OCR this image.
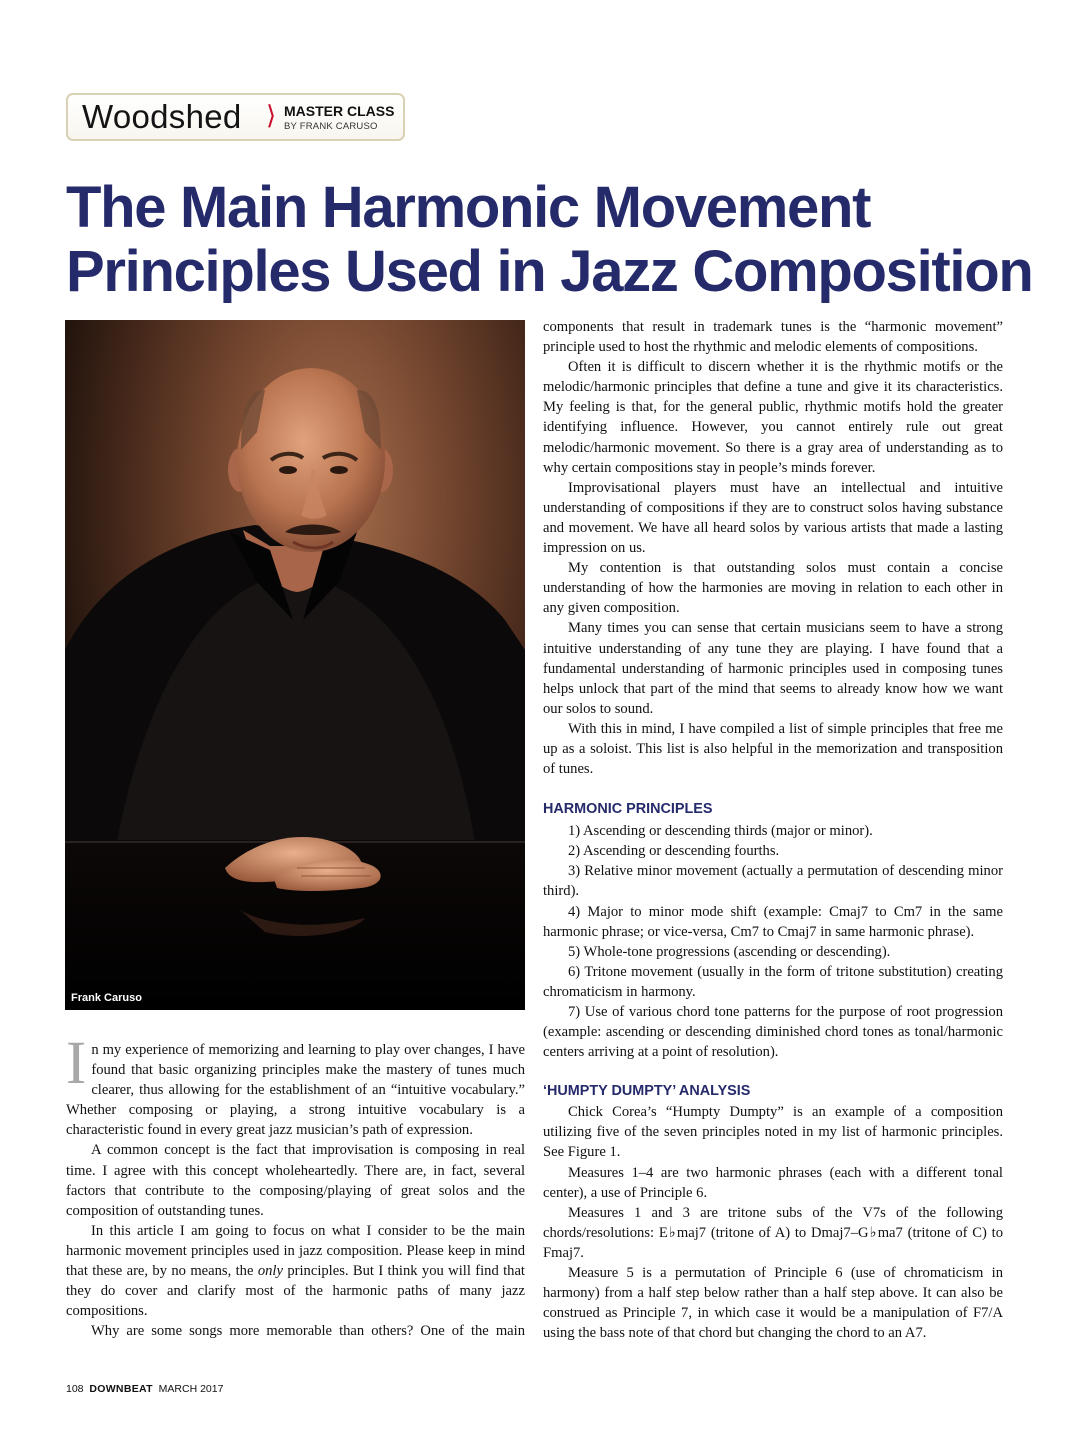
Woodshed ⟩ MASTER CLASS
BY FRANK CARUSO
The Main Harmonic Movement
Principles Used in Jazz Composition
Frank Caruso

In my experience of memorizing and learning to play over changes, I have found that basic organizing principles make the mastery of tunes much clearer, thus allowing for the establishment of an “intuitive vocabulary.” Whether composing or playing, a strong intuitive vocabulary is a characteristic found in every great jazz musician’s path of expression.

A common concept is the fact that improvisation is composing in real time. I agree with this concept wholeheartedly. There are, in fact, several factors that contribute to the composing/playing of great solos and the composition of outstanding tunes.

In this article I am going to focus on what I consider to be the main harmonic movement principles used in jazz composition. Please keep in mind that these are, by no means, the only principles. But I think you will find that they do cover and clarify most of the harmonic paths of many jazz compositions.

Why are some songs more memorable than others? One of the main

components that result in trademark tunes is the “harmonic movement” principle used to host the rhythmic and melodic elements of compositions.

Often it is difficult to discern whether it is the rhythmic motifs or the melodic/harmonic principles that define a tune and give it its characteristics. My feeling is that, for the general public, rhythmic motifs hold the greater identifying influence. However, you cannot entirely rule out great melodic/harmonic movement. So there is a gray area of understanding as to why certain compositions stay in people’s minds forever.

Improvisational players must have an intellectual and intuitive understanding of compositions if they are to construct solos having substance and movement. We have all heard solos by various artists that made a lasting impression on us.

My contention is that outstanding solos must contain a concise understanding of how the harmonies are moving in relation to each other in any given composition.

Many times you can sense that certain musicians seem to have a strong intuitive understanding of any tune they are playing. I have found that a fundamental understanding of harmonic principles used in composing tunes helps unlock that part of the mind that seems to already know how we want our solos to sound.

With this in mind, I have compiled a list of simple principles that free me up as a soloist. This list is also helpful in the memorization and transposition of tunes.

HARMONIC PRINCIPLES

1) Ascending or descending thirds (major or minor).

2) Ascending or descending fourths.

3) Relative minor movement (actually a permutation of descending minor third).

4) Major to minor mode shift (example: Cmaj7 to Cm7 in the same harmonic phrase; or vice-versa, Cm7 to Cmaj7 in same harmonic phrase).

5) Whole-tone progressions (ascending or descending).

6) Tritone movement (usually in the form of tritone substitution) creating chromaticism in harmony.

7) Use of various chord tone patterns for the purpose of root progression (example: ascending or descending diminished chord tones as tonal/harmonic centers arriving at a point of resolution).

‘HUMPTY DUMPTY’ ANALYSIS

Chick Corea’s “Humpty Dumpty” is an example of a composition utilizing five of the seven principles noted in my list of harmonic principles. See Figure 1.

Measures 1–4 are two harmonic phrases (each with a different tonal center), a use of Principle 6.

Measures 1 and 3 are tritone subs of the V7s of the following chords/resolutions: E♭maj7 (tritone of A) to Dmaj7–G♭ma7 (tritone of C) to Fmaj7.

Measure 5 is a permutation of Principle 6 (use of chromaticism in harmony) from a half step below rather than a half step above. It can also be construed as Principle 7, in which case it would be a manipulation of F7/A using the bass note of that chord but changing the chord to an A7.

108 DOWNBEAT MARCH 2017
